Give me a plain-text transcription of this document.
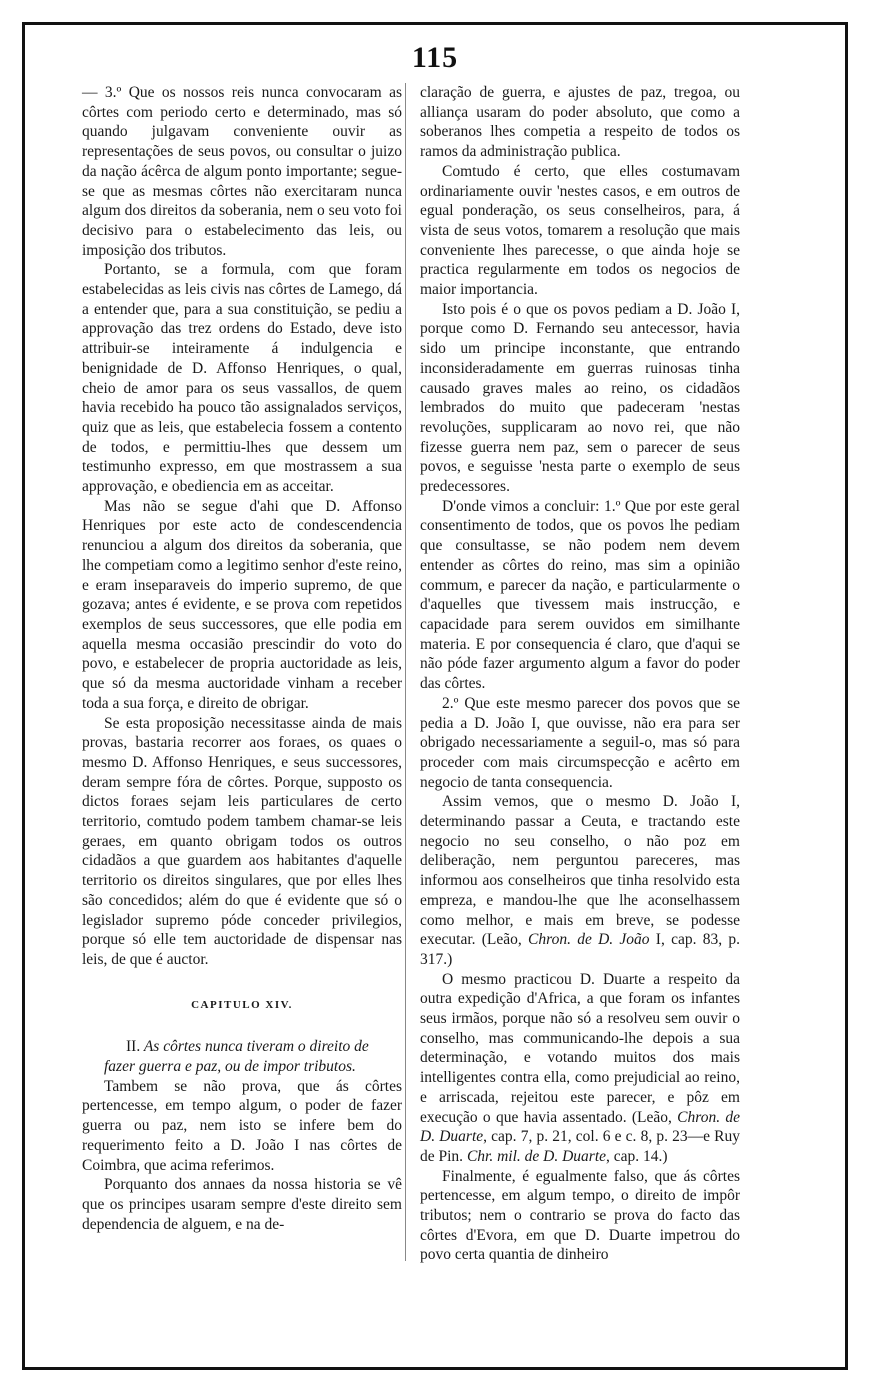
115

— 3.º Que os nossos reis nunca convocaram as côrtes com periodo certo e determinado, mas só quando julgavam conveniente ouvir as representações de seus povos, ou consultar o juizo da nação ácêrca de algum ponto importante; segue-se que as mesmas côrtes não exercitaram nunca algum dos direitos da soberania, nem o seu voto foi decisivo para o estabelecimento das leis, ou imposição dos tributos.

Portanto, se a formula, com que foram estabelecidas as leis civis nas côrtes de Lamego, dá a entender que, para a sua constituição, se pediu a approvação das trez ordens do Estado, deve isto attribuir-se inteiramente á indulgencia e benignidade de D. Affonso Henriques, o qual, cheio de amor para os seus vassallos, de quem havia recebido ha pouco tão assignalados serviços, quiz que as leis, que estabelecia fossem a contento de todos, e permittiu-lhes que dessem um testimunho expresso, em que mostrassem a sua approvação, e obediencia em as acceitar.

Mas não se segue d'ahi que D. Affonso Henriques por este acto de condescendencia renunciou a algum dos direitos da soberania, que lhe competiam como a legitimo senhor d'este reino, e eram inseparaveis do imperio supremo, de que gozava; antes é evidente, e se prova com repetidos exemplos de seus successores, que elle podia em aquella mesma occasião prescindir do voto do povo, e estabelecer de propria auctoridade as leis, que só da mesma auctoridade vinham a receber toda a sua força, e direito de obrigar.

Se esta proposição necessitasse ainda de mais provas, bastaria recorrer aos foraes, os quaes o mesmo D. Affonso Henriques, e seus successores, deram sempre fóra de côrtes. Porque, supposto os dictos foraes sejam leis particulares de certo territorio, comtudo podem tambem chamar-se leis geraes, em quanto obrigam todos os outros cidadãos a que guardem aos habitantes d'aquelle territorio os direitos singulares, que por elles lhes são concedidos; além do que é evidente que só o legislador supremo póde conceder privilegios, porque só elle tem auctoridade de dispensar nas leis, de que é auctor.

CAPITULO XIV.

II. As côrtes nunca tiveram o direito de fazer guerra e paz, ou de impor tributos.

Tambem se não prova, que ás côrtes pertencesse, em tempo algum, o poder de fazer guerra ou paz, nem isto se infere bem do requerimento feito a D. João I nas côrtes de Coimbra, que acima referimos.

Porquanto dos annaes da nossa historia se vê que os principes usaram sempre d'este direito sem dependencia de alguem, e na de-

claração de guerra, e ajustes de paz, tregoa, ou alliança usaram do poder absoluto, que como a soberanos lhes competia a respeito de todos os ramos da administração publica.

Comtudo é certo, que elles costumavam ordinariamente ouvir 'nestes casos, e em outros de egual ponderação, os seus conselheiros, para, á vista de seus votos, tomarem a resolução que mais conveniente lhes parecesse, o que ainda hoje se practica regularmente em todos os negocios de maior importancia.

Isto pois é o que os povos pediam a D. João I, porque como D. Fernando seu antecessor, havia sido um principe inconstante, que entrando inconsideradamente em guerras ruinosas tinha causado graves males ao reino, os cidadãos lembrados do muito que padeceram 'nestas revoluções, supplicaram ao novo rei, que não fizesse guerra nem paz, sem o parecer de seus povos, e seguisse 'nesta parte o exemplo de seus predecessores.

D'onde vimos a concluir: 1.º Que por este geral consentimento de todos, que os povos lhe pediam que consultasse, se não podem nem devem entender as côrtes do reino, mas sim a opinião commum, e parecer da nação, e particularmente o d'aquelles que tivessem mais instrucção, e capacidade para serem ouvidos em similhante materia. E por consequencia é claro, que d'aqui se não póde fazer argumento algum a favor do poder das côrtes.

2.º Que este mesmo parecer dos povos que se pedia a D. João I, que ouvisse, não era para ser obrigado necessariamente a seguil-o, mas só para proceder com mais circumspecção e acêrto em negocio de tanta consequencia.

Assim vemos, que o mesmo D. João I, determinando passar a Ceuta, e tractando este negocio no seu conselho, o não poz em deliberação, nem perguntou pareceres, mas informou aos conselheiros que tinha resolvido esta empreza, e mandou-lhe que lhe aconselhassem como melhor, e mais em breve, se podesse executar. (Leão, Chron. de D. João I, cap. 83, p. 317.)

O mesmo practicou D. Duarte a respeito da outra expedição d'Africa, a que foram os infantes seus irmãos, porque não só a resolveu sem ouvir o conselho, mas communicando-lhe depois a sua determinação, e votando muitos dos mais intelligentes contra ella, como prejudicial ao reino, e arriscada, rejeitou este parecer, e pôz em execução o que havia assentado. (Leão, Chron. de D. Duarte, cap. 7, p. 21, col. 6 e c. 8, p. 23—e Ruy de Pin. Chr. mil. de D. Duarte, cap. 14.)

Finalmente, é egualmente falso, que ás côrtes pertencesse, em algum tempo, o direito de impôr tributos; nem o contrario se prova do facto das côrtes d'Evora, em que D. Duarte impetrou do povo certa quantia de dinheiro
